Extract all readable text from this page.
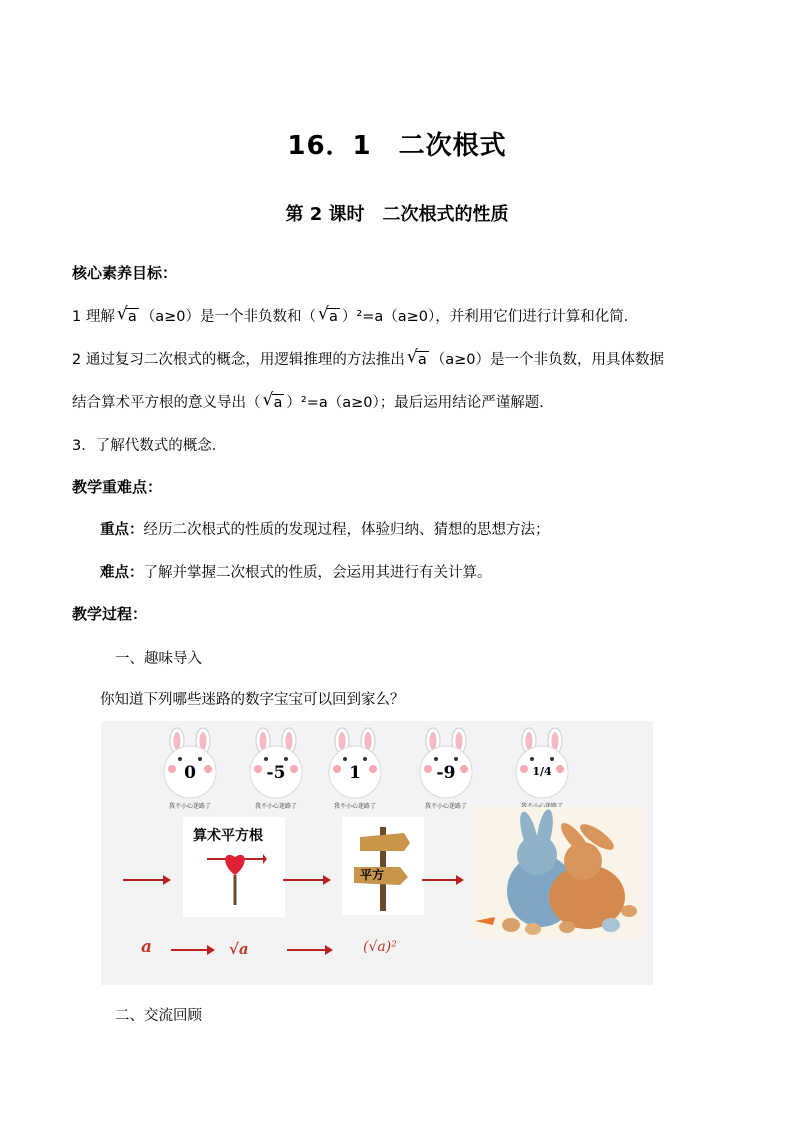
16．1　二次根式
第 2 课时　二次根式的性质
核心素养目标：
1 理解 √ a （a≥0）是一个非负数和（ √ a ）²=a（a≥0），并利用它们进行计算和化简．
2 通过复习二次根式的概念，用逻辑推理的方法推出 √ a （a≥0）是一个非负数，用具体数据
结合算术平方根的意义导出（ √ a ）²=a（a≥0）；最后运用结论严谨解题．
3．了解代数式的概念．
教学重难点：
重点：经历二次根式的性质的发现过程，体验归纳、猜想的思想方法；
难点：了解并掌握二次根式的性质，会运用其进行有关计算。
教学过程：
一、趣味导入
你知道下列哪些迷路的数字宝宝可以回到家么？
0
我不小心迷路了
-5
我不小心迷路了
1
我不小心迷路了
-9
我不小心迷路了
1/4
算术平方根
平方
a	√a	(√a)²
二、交流回顾
